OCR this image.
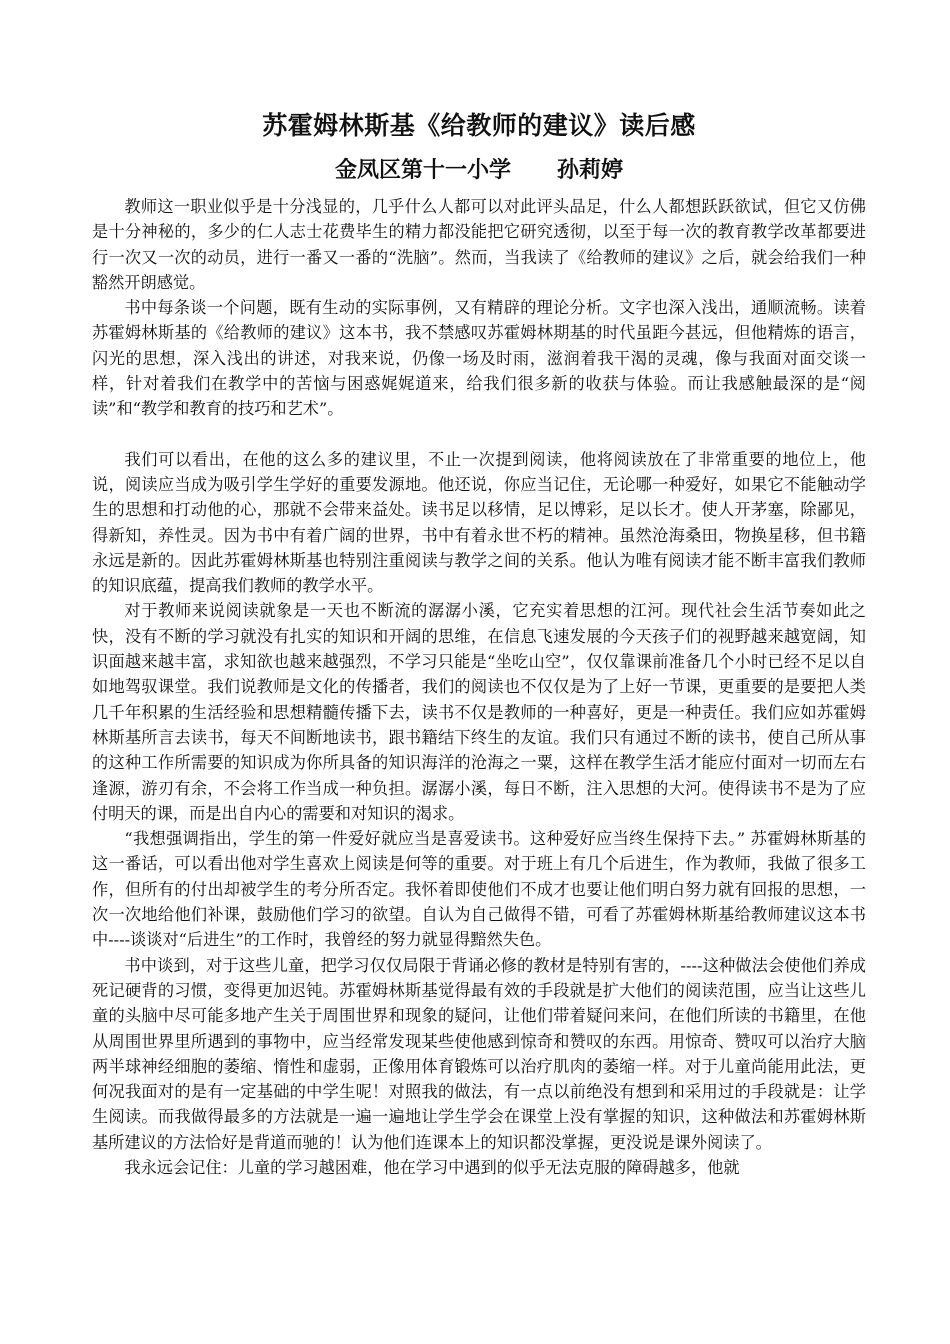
苏霍姆林斯基《给教师的建议》读后感
金凤区第十一小学      孙莉婷

教师这一职业似乎是十分浅显的，几乎什么人都可以对此评头品足，什么人都想跃跃欲试，但它又仿佛是十分神秘的，多少的仁人志士花费毕生的精力都没能把它研究透彻，以至于每一次的教育教学改革都要进行一次又一次的动员，进行一番又一番的“洗脑”。然而，当我读了《给教师的建议》之后，就会给我们一种豁然开朗感觉。

书中每条谈一个问题，既有生动的实际事例，又有精辟的理论分析。文字也深入浅出，通顺流畅。读着苏霍姆林斯基的《给教师的建议》这本书，我不禁感叹苏霍姆林期基的时代虽距今甚远，但他精炼的语言，闪光的思想，深入浅出的讲述，对我来说，仍像一场及时雨，滋润着我干渴的灵魂，像与我面对面交谈一样，针对着我们在教学中的苦恼与困惑娓娓道来，给我们很多新的收获与体验。而让我感触最深的是“阅读”和“教学和教育的技巧和艺术”。

我们可以看出，在他的这么多的建议里，不止一次提到阅读，他将阅读放在了非常重要的地位上，他说，阅读应当成为吸引学生学好的重要发源地。他还说，你应当记住，无论哪一种爱好，如果它不能触动学生的思想和打动他的心，那就不会带来益处。读书足以移情，足以博彩，足以长才。使人开茅塞，除鄙见，得新知，养性灵。因为书中有着广阔的世界，书中有着永世不朽的精神。虽然沧海桑田，物换星移，但书籍永远是新的。因此苏霍姆林斯基也特别注重阅读与教学之间的关系。他认为唯有阅读才能不断丰富我们教师的知识底蕴，提高我们教师的教学水平。

对于教师来说阅读就象是一天也不断流的潺潺小溪，它充实着思想的江河。现代社会生活节奏如此之快，没有不断的学习就没有扎实的知识和开阔的思维，在信息飞速发展的今天孩子们的视野越来越宽阔，知识面越来越丰富，求知欲也越来越强烈，不学习只能是“坐吃山空”，仅仅靠课前准备几个小时已经不足以自如地驾驭课堂。我们说教师是文化的传播者，我们的阅读也不仅仅是为了上好一节课，更重要的是要把人类几千年积累的生活经验和思想精髓传播下去，读书不仅是教师的一种喜好，更是一种责任。我们应如苏霍姆林斯基所言去读书，每天不间断地读书，跟书籍结下终生的友谊。我们只有通过不断的读书，使自己所从事的这种工作所需要的知识成为你所具备的知识海洋的沧海之一粟，这样在教学生活才能应付面对一切而左右逢源，游刃有余，不会将工作当成一种负担。潺潺小溪，每日不断，注入思想的大河。使得读书不是为了应付明天的课，而是出自内心的需要和对知识的渴求。

“我想强调指出，学生的第一件爱好就应当是喜爱读书。这种爱好应当终生保持下去。” 苏霍姆林斯基的这一番话，可以看出他对学生喜欢上阅读是何等的重要。对于班上有几个后进生，作为教师，我做了很多工作，但所有的付出却被学生的考分所否定。我怀着即使他们不成才也要让他们明白努力就有回报的思想，一次一次地给他们补课，鼓励他们学习的欲望。自认为自己做得不错，可看了苏霍姆林斯基给教师建议这本书中----谈谈对“后进生”的工作时，我曾经的努力就显得黯然失色。

书中谈到，对于这些儿童，把学习仅仅局限于背诵必修的教材是特别有害的，----这种做法会使他们养成死记硬背的习惯，变得更加迟钝。苏霍姆林斯基觉得最有效的手段就是扩大他们的阅读范围，应当让这些儿童的头脑中尽可能多地产生关于周围世界和现象的疑问，让他们带着疑问来问，在他们所读的书籍里，在他从周围世界里所遇到的事物中，应当经常发现某些使他感到惊奇和赞叹的东西。用惊奇、赞叹可以治疗大脑两半球神经细胞的萎缩、惰性和虚弱，正像用体育锻炼可以治疗肌肉的萎缩一样。对于儿童尚能用此法，更何况我面对的是有一定基础的中学生呢！对照我的做法，有一点以前绝没有想到和采用过的手段就是：让学生阅读。而我做得最多的方法就是一遍一遍地让学生学会在课堂上没有掌握的知识，这种做法和苏霍姆林斯基所建议的方法恰好是背道而驰的！认为他们连课本上的知识都没掌握，更没说是课外阅读了。

我永远会记住：儿童的学习越困难，他在学习中遇到的似乎无法克服的障碍越多，他就
